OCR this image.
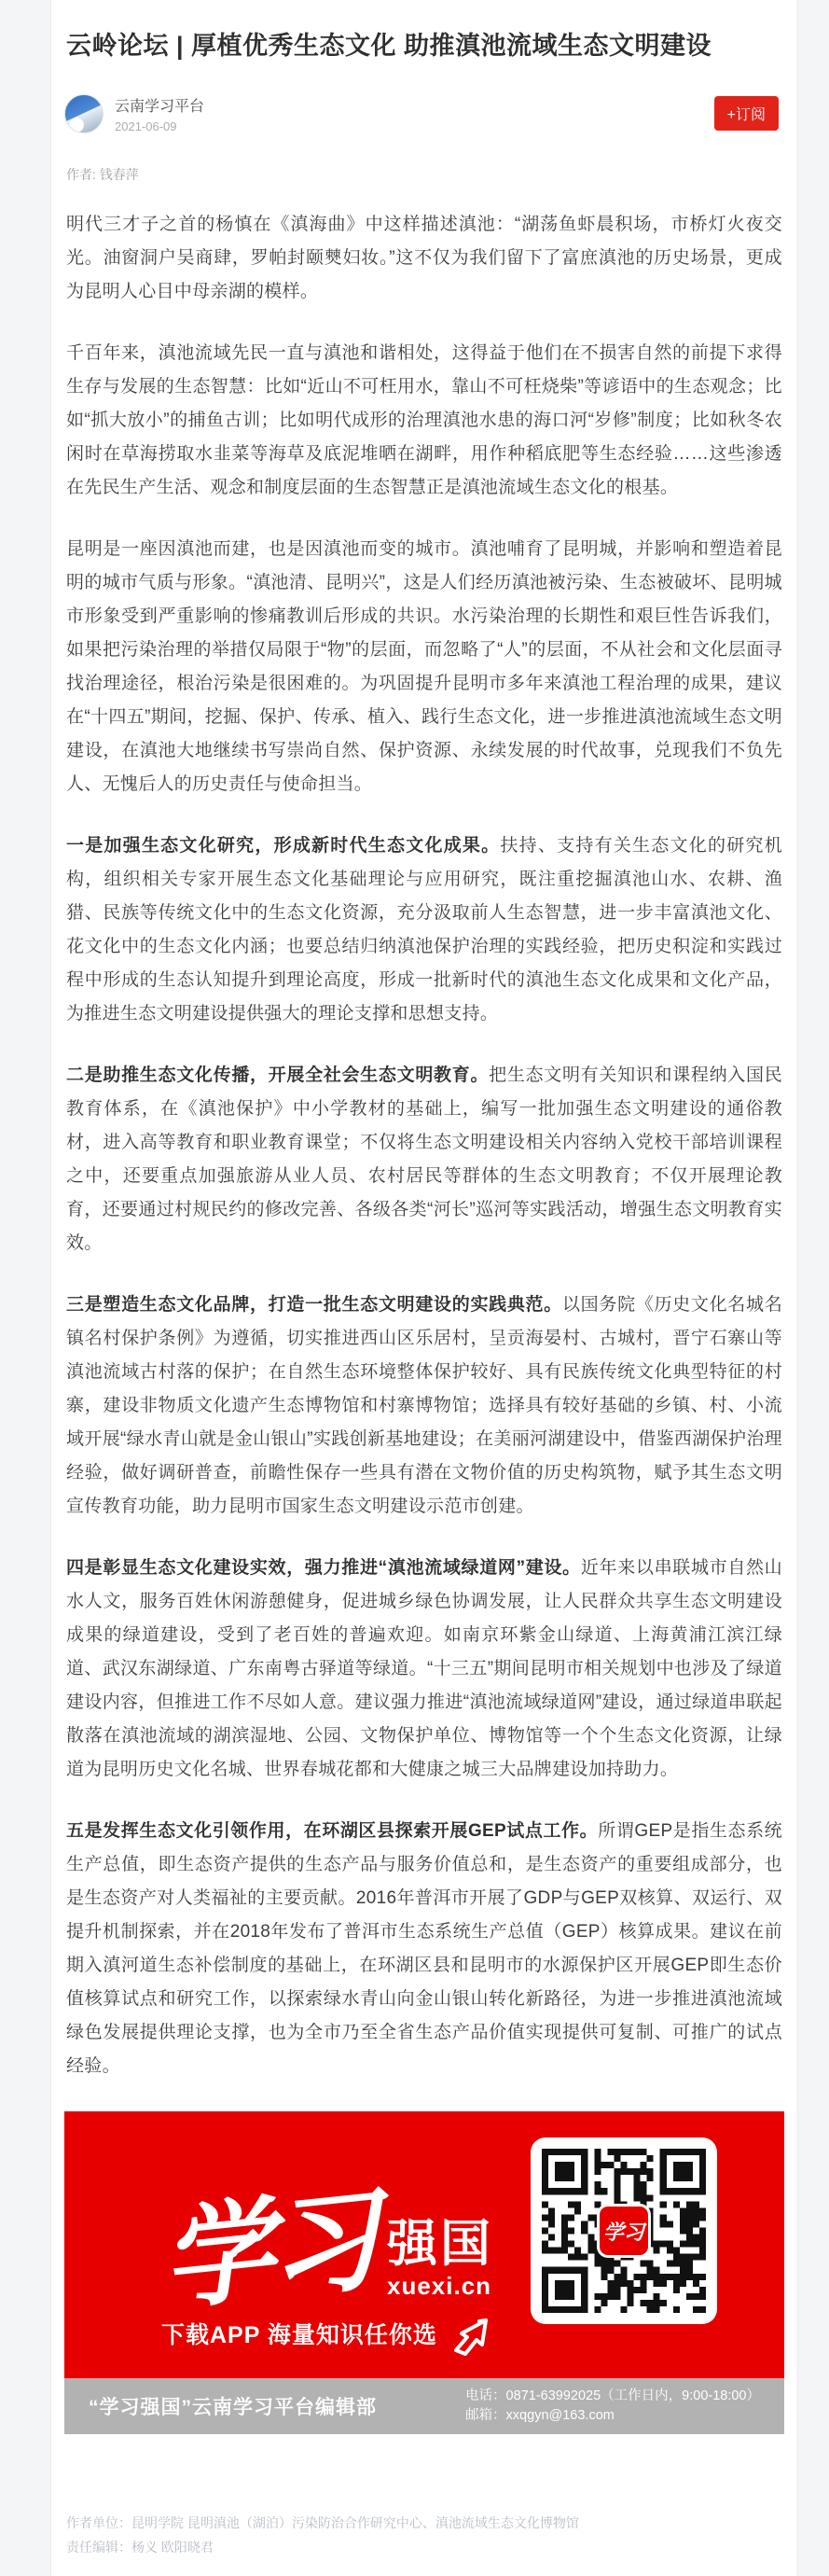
云岭论坛 | 厚植优秀生态文化 助推滇池流域生态文明建设
云南学习平台
2021-06-09
+订阅
作者: 钱春萍

明代三才子之首的杨慎在《滇海曲》中这样描述滇池：“湖荡鱼虾晨积场，市桥灯火夜交光。油窗洞户吴商肆，罗帕封颐僰妇妆。”这不仅为我们留下了富庶滇池的历史场景，更成为昆明人心目中母亲湖的模样。

千百年来，滇池流域先民一直与滇池和谐相处，这得益于他们在不损害自然的前提下求得生存与发展的生态智慧：比如“近山不可枉用水，靠山不可枉烧柴”等谚语中的生态观念；比如“抓大放小”的捕鱼古训；比如明代成形的治理滇池水患的海口河“岁修”制度；比如秋冬农闲时在草海捞取水韭菜等海草及底泥堆晒在湖畔，用作种稻底肥等生态经验……这些渗透在先民生产生活、观念和制度层面的生态智慧正是滇池流域生态文化的根基。

昆明是一座因滇池而建，也是因滇池而变的城市。滇池哺育了昆明城，并影响和塑造着昆明的城市气质与形象。“滇池清、昆明兴”，这是人们经历滇池被污染、生态被破坏、昆明城市形象受到严重影响的惨痛教训后形成的共识。水污染治理的长期性和艰巨性告诉我们，如果把污染治理的举措仅局限于“物”的层面，而忽略了“人”的层面，不从社会和文化层面寻找治理途径，根治污染是很困难的。为巩固提升昆明市多年来滇池工程治理的成果，建议在“十四五”期间，挖掘、保护、传承、植入、践行生态文化，进一步推进滇池流域生态文明建设，在滇池大地继续书写崇尚自然、保护资源、永续发展的时代故事，兑现我们不负先人、无愧后人的历史责任与使命担当。

一是加强生态文化研究，形成新时代生态文化成果。扶持、支持有关生态文化的研究机构，组织相关专家开展生态文化基础理论与应用研究，既注重挖掘滇池山水、农耕、渔猎、民族等传统文化中的生态文化资源，充分汲取前人生态智慧，进一步丰富滇池文化、花文化中的生态文化内涵；也要总结归纳滇池保护治理的实践经验，把历史积淀和实践过程中形成的生态认知提升到理论高度，形成一批新时代的滇池生态文化成果和文化产品，为推进生态文明建设提供强大的理论支撑和思想支持。

二是助推生态文化传播，开展全社会生态文明教育。把生态文明有关知识和课程纳入国民教育体系，在《滇池保护》中小学教材的基础上，编写一批加强生态文明建设的通俗教材，进入高等教育和职业教育课堂；不仅将生态文明建设相关内容纳入党校干部培训课程之中，还要重点加强旅游从业人员、农村居民等群体的生态文明教育；不仅开展理论教育，还要通过村规民约的修改完善、各级各类“河长”巡河等实践活动，增强生态文明教育实效。

三是塑造生态文化品牌，打造一批生态文明建设的实践典范。以国务院《历史文化名城名镇名村保护条例》为遵循，切实推进西山区乐居村，呈贡海晏村、古城村，晋宁石寨山等滇池流域古村落的保护；在自然生态环境整体保护较好、具有民族传统文化典型特征的村寨，建设非物质文化遗产生态博物馆和村寨博物馆；选择具有较好基础的乡镇、村、小流域开展“绿水青山就是金山银山”实践创新基地建设；在美丽河湖建设中，借鉴西湖保护治理经验，做好调研普查，前瞻性保存一些具有潜在文物价值的历史构筑物，赋予其生态文明宣传教育功能，助力昆明市国家生态文明建设示范市创建。

四是彰显生态文化建设实效，强力推进“滇池流域绿道网”建设。近年来以串联城市自然山水人文，服务百姓休闲游憩健身，促进城乡绿色协调发展，让人民群众共享生态文明建设成果的绿道建设，受到了老百姓的普遍欢迎。如南京环紫金山绿道、上海黄浦江滨江绿道、武汉东湖绿道、广东南粤古驿道等绿道。“十三五”期间昆明市相关规划中也涉及了绿道建设内容，但推进工作不尽如人意。建议强力推进“滇池流域绿道网”建设，通过绿道串联起散落在滇池流域的湖滨湿地、公园、文物保护单位、博物馆等一个个生态文化资源，让绿道为昆明历史文化名城、世界春城花都和大健康之城三大品牌建设加持助力。

五是发挥生态文化引领作用，在环湖区县探索开展GEP试点工作。所谓GEP是指生态系统生产总值，即生态资产提供的生态产品与服务价值总和，是生态资产的重要组成部分，也是生态资产对人类福祉的主要贡献。2016年普洱市开展了GDP与GEP双核算、双运行、双提升机制探索，并在2018年发布了普洱市生态系统生产总值（GEP）核算成果。建议在前期入滇河道生态补偿制度的基础上，在环湖区县和昆明市的水源保护区开展GEP即生态价值核算试点和研究工作，以探索绿水青山向金山银山转化新路径，为进一步推进滇池流域绿色发展提供理论支撑，也为全市乃至全省生态产品价值实现提供可复制、可推广的试点经验。

学习 强国
xuexi.cn
下载APP 海量知识任你选
学习
“学习强国”云南学习平台编辑部
电话：0871-63992025（工作日内，9:00-18:00）
邮箱：xxqgyn@163.com
作者单位：昆明学院 昆明滇池（湖泊）污染防治合作研究中心、滇池流域生态文化博物馆
责任编辑：杨义 欧阳晓君
